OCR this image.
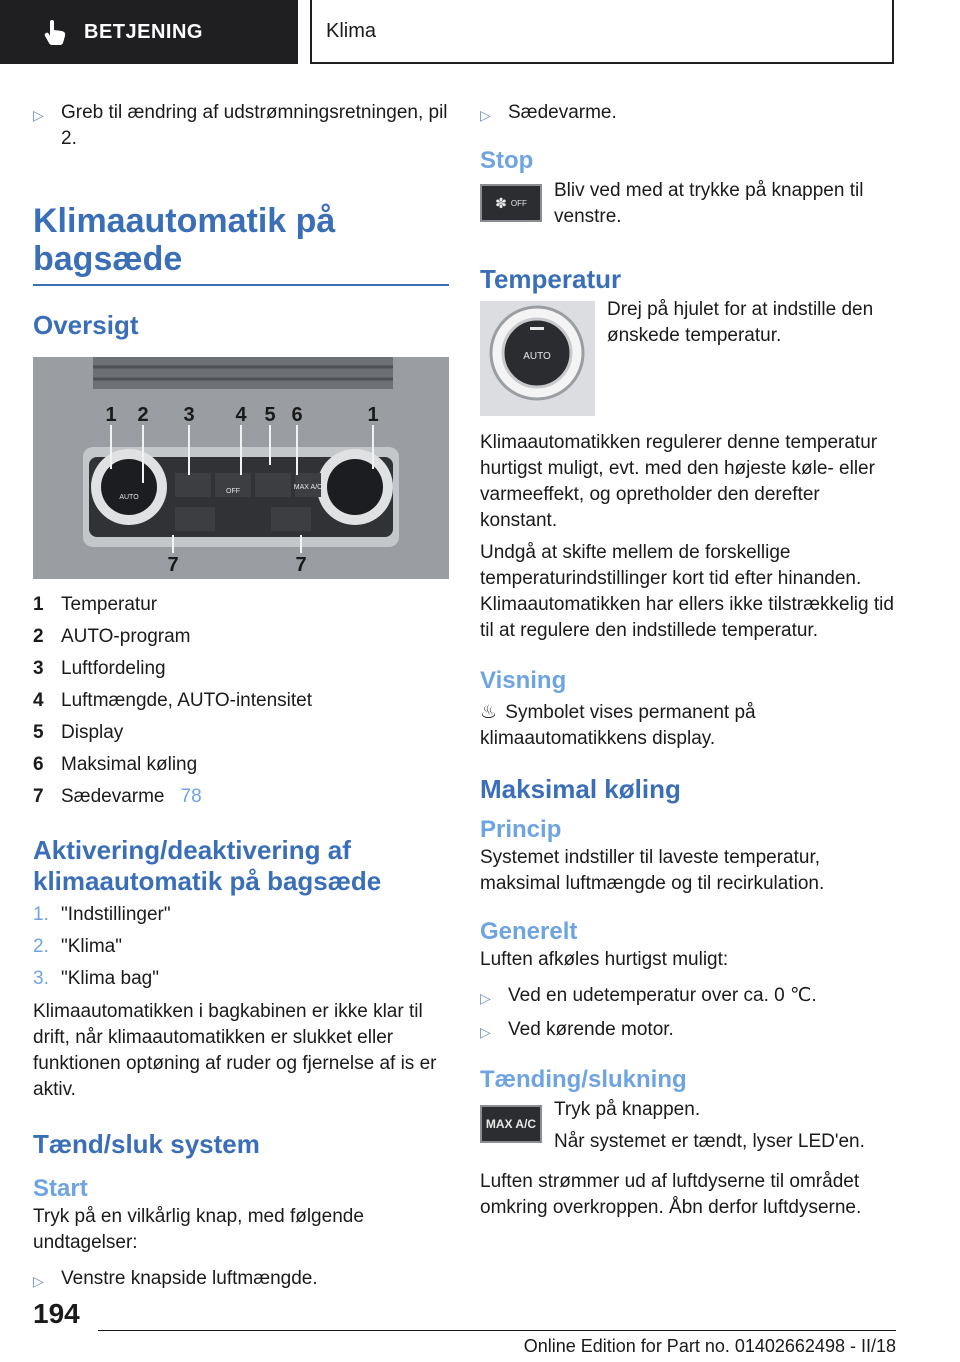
BETJENING	Klima
▷ Greb til ændring af udstrømningsretningen, pil 2.
Klimaautomatik på bagsæde
Oversigt
1 2 3 4 5 6	1
7	7
AUTO
OFF
MAX A/C
1 Temperatur
2 AUTO-program
3 Luftfordeling
4 Luftmængde, AUTO-intensitet
5 Display
6 Maksimal køling
7 Sædevarme 78
Aktivering/deaktivering af klimaautomatik på bagsæde
1. "Indstillinger"
2. "Klima"
3. "Klima bag"

Klimaautomatikken i bagkabinen er ikke klar til drift, når klimaautomatikken er slukket eller funktionen optøning af ruder og fjernelse af is er aktiv.

Tænd/sluk system
Start

Tryk på en vilkårlig knap, med følgende undtagelser:

▷ Venstre knapside luftmængde.
▷ Sædevarme.
Stop
✽ OFF

Bliv ved med at trykke på knappen til venstre.

Temperatur
AUTO

Drej på hjulet for at indstille den ønskede temperatur.

Klimaautomatikken regulerer denne temperatur hurtigst muligt, evt. med den højeste køle- eller varmeeffekt, og opretholder den derefter konstant.

Undgå at skifte mellem de forskellige temperaturindstillinger kort tid efter hinanden. Klimaautomatikken har ellers ikke tilstrækkelig tid til at regulere den indstillede temperatur.

Visning

♨ Symbolet vises permanent på klimaautomatikkens display.

Maksimal køling
Princip

Systemet indstiller til laveste temperatur, maksimal luftmængde og til recirkulation.

Generelt

Luften afkøles hurtigst muligt:

▷ Ved en udetemperatur over ca. 0 ℃.
▷ Ved kørende motor.
Tænding/slukning
MAX A/C

Tryk på knappen.

Når systemet er tændt, lyser LED'en.

Luften strømmer ud af luftdyserne til området omkring overkroppen. Åbn derfor luftdyserne.

194
Online Edition for Part no. 01402662498 - II/18
